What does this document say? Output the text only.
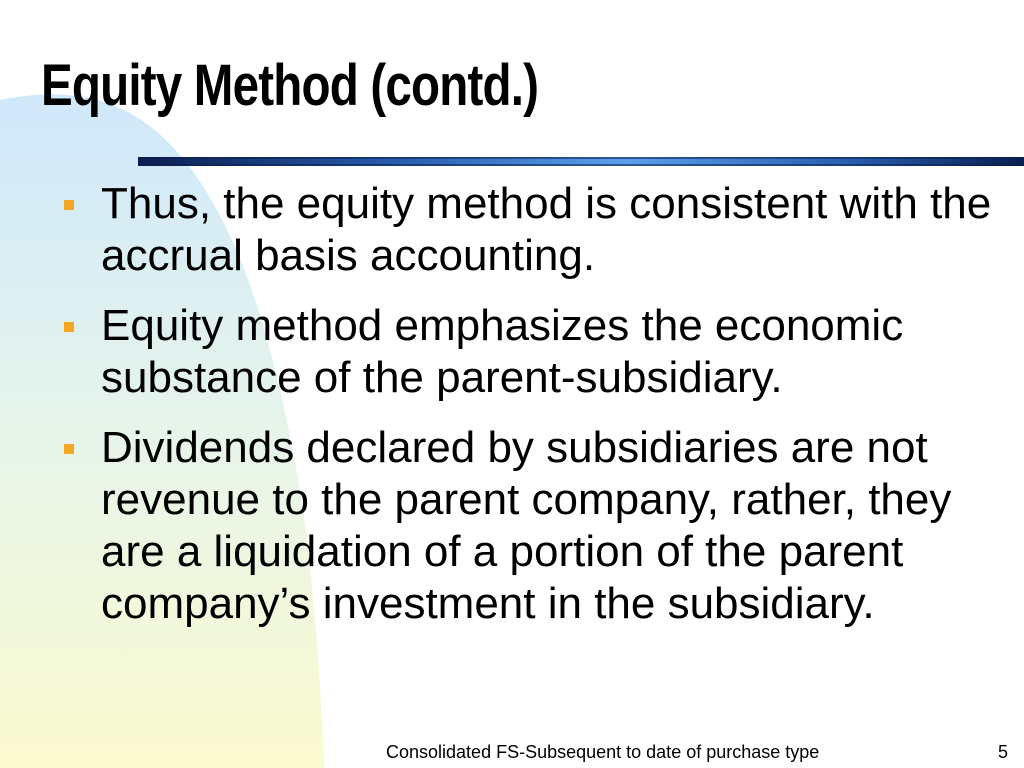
Equity Method (contd.)
Thus, the equity method is consistent with the accrual basis accounting.
Equity method emphasizes the economic substance of the parent-subsidiary.
Dividends declared by subsidiaries are not revenue to the parent company, rather, they are a liquidation of a portion of the parent company’s investment in the subsidiary.
Consolidated FS-Subsequent to date of purchase type	5
